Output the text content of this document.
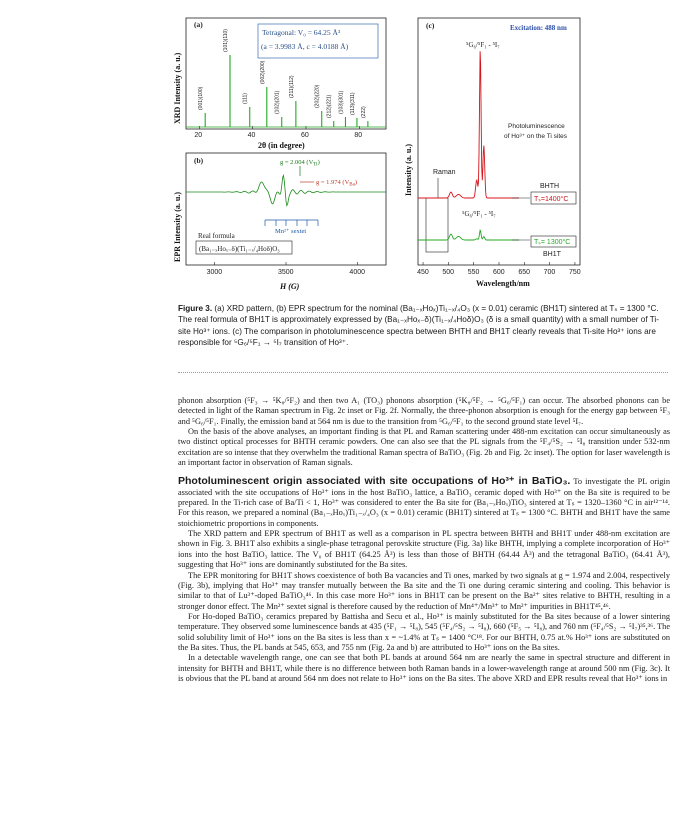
(a)
Tetragonal: V₀ = 64.25 Å³
(a = 3.9983 Å, c = 4.0188 Å)
(001)(100)
(101)(110)
(111)
(002)(200)
(102)(201)
(211)(112)	(202)(220) (212)(221) (103)(301) (113)(311) (222)
20	40	60	80
2θ (in degree)
XRD Intensity (a. u.)
(b)	g = 2.004 $(V_{Ti})$
g = 1.974 $(V_{Ba})$
Mn²⁺ sextet
Real formula
(Ba₁₋ₓHoₓ₋δ)(Ti₁₋ₓ/₄Hoδ)O₃
3000	3500	4000
H (G)
EPR Intensity (a. u.)
(c)	Excitation: 488 nm
⁵G₆/⁵F₁ - ⁵I₇
Photoluminescence
of Ho³⁺ on the Ti sites
Raman
BHTH
Tₛ=1400°C
⁵G₆/⁵F₁ - ⁵I₇
Tₛ= 1300°C
BH1T
450 500 550 600 650 700 750
Wavelength/nm
Intensity (a. u.)
Figure 3. (a) XRD pattern, (b) EPR spectrum for the nominal (Ba₁₋ₓHoₓ)Ti₁₋ₓ/₄O₃ (x = 0.01) ceramic (BH1T) sintered at Tₛ = 1300 °C. The real formula of BH1T is approximately expressed by (Ba₁₋ₓHoₓ₋δ)(Ti₁₋ₓ/₄Hoδ)O₃ (δ is a small quantity) with a small number of Ti-site Ho³⁺ ions. (c) The comparison in photoluminescence spectra between BHTH and BH1T clearly reveals that Ti-site Ho³⁺ ions are responsible for ⁵G₆/⁵F₁ → ⁵I₇ transition of Ho³⁺.

phonon absorption (⁵F₃ → ⁵K₈/⁵F₂) and then two A₁ (TO₃) phonons absorption (⁵K₈/⁵F₂ → ⁵G₆/⁵F₁) can occur. The absorbed phonons can be detected in light of the Raman spectrum in Fig. 2c inset or Fig. 2f. Normally, the three-phonon absorption is enough for the energy gap between ⁵F₃ and ⁵G₆/⁵F₁. Finally, the emission band at 564 nm is due to the transition from ⁵G₆/⁵F₁ to the second ground state level ⁵I₇.

On the basis of the above analyses, an important finding is that PL and Raman scattering under 488-nm excitation can occur simultaneously as two distinct optical processes for BHTH ceramic powders. One can also see that the PL signals from the ⁵F₄/⁵S₂ → ⁵I₈ transition under 532-nm excitation are so intense that they overwhelm the traditional Raman spectra of BaTiO₃ (Fig. 2b and Fig. 2c inset). The option for laser wavelength is an important factor in observation of Raman signals.

Photoluminescent origin associated with site occupations of Ho³⁺ in BaTiO₃. To investigate the PL origin associated with the site occupations of Ho³⁺ ions in the host BaTiO₃ lattice, a BaTiO₃ ceramic doped with Ho³⁺ on the Ba site is required to be prepared. In the Ti-rich case of Ba/Ti < 1, Ho³⁺ was considered to enter the Ba site for (Ba₁₋ₓHoₓ)TiO₃ sintered at Tₛ = 1320–1360 °C in air¹²⁻¹⁴. For this reason, we prepared a nominal (Ba₁₋ₓHoₓ)Ti₁₋ₓ/₄O₃ (x = 0.01) ceramic (BH1T) sintered at Tₛ = 1300 °C. BHTH and BH1T have the same stoichiometric proportions in components.

The XRD pattern and EPR spectrum of BH1T as well as a comparison in PL spectra between BHTH and BH1T under 488-nm excitation are shown in Fig. 3. BH1T also exhibits a single-phase tetragonal perovskite structure (Fig. 3a) like BHTH, implying a complete incorporation of Ho³⁺ ions into the host BaTiO₃ lattice. The V₀ of BH1T (64.25 Å³) is less than those of BHTH (64.44 Å³) and the tetragonal BaTiO₃ (64.41 Å³), suggesting that Ho³⁺ ions are dominantly substituted for the Ba sites.

The EPR monitoring for BH1T shows coexistence of both Ba vacancies and Ti ones, marked by two signals at g = 1.974 and 2.004, respectively (Fig. 3b), implying that Ho³⁺ may transfer mutually between the Ba site and the Ti one during ceramic sintering and cooling. This behavior is similar to that of Lu³⁺-doped BaTiO₃⁴⁶. In this case more Ho³⁺ ions in BH1T can be present on the Ba²⁺ sites relative to BHTH, resulting in a stronger donor effect. The Mn²⁺ sextet signal is therefore caused by the reduction of Mn⁴⁺/Mn³⁺ to Mn²⁺ impurities in BH1T⁴⁵,⁴⁶.

For Ho-doped BaTiO₃ ceramics prepared by Battisha and Secu et al., Ho³⁺ is mainly substituted for the Ba sites because of a lower sintering temperature. They observed some luminescence bands at 435 (⁵F₁ → ⁵I₈), 545 (⁵F₄/⁵S₂ → ⁵I₈), 660 (⁵F₅ → ⁵I₈), and 760 nm (⁵F₄/⁵S₂ → ⁵I₇)³⁵,³⁶. The solid solubility limit of Ho³⁺ ions on the Ba sites is less than x = ~1.4% at Tₛ = 1400 °C¹⁸. For our BHTH, 0.75 at.% Ho³⁺ ions are substituted on the Ba sites. Thus, the PL bands at 545, 653, and 755 nm (Fig. 2a and b) are attributed to Ho³⁺ ions on the Ba sites.

In a detectable wavelength range, one can see that both PL bands at around 564 nm are nearly the same in spectral structure and different in intensity for BHTH and BH1T, while there is no difference between both Raman bands in a lower-wavelength range at around 500 nm (Fig. 3c). It is obvious that the PL band at around 564 nm does not relate to Ho³⁺ ions on the Ba sites. The above XRD and EPR results reveal that Ho³⁺ ions in
